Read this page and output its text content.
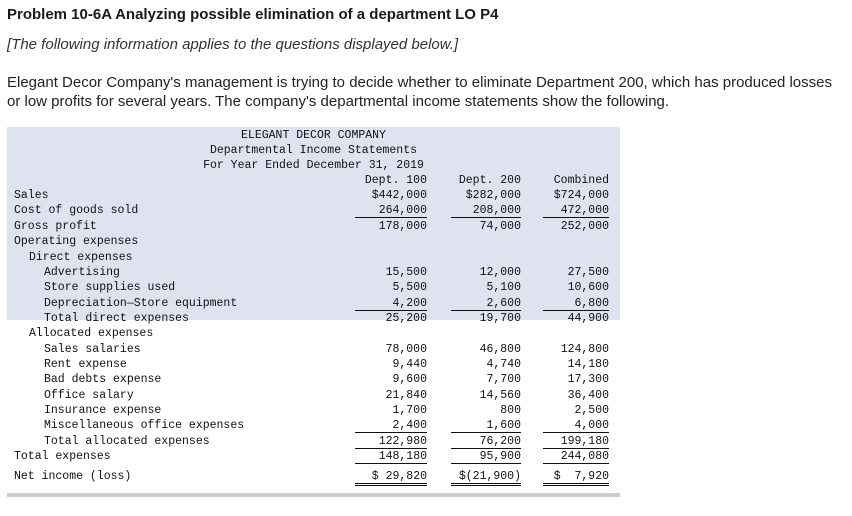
Problem 10-6A Analyzing possible elimination of a department LO P4
[The following information applies to the questions displayed below.]
Elegant Decor Company's management is trying to decide whether to eliminate Department 200, which has produced losses or low profits for several years. The company's departmental income statements show the following.
ELEGANT DECOR COMPANY
Departmental Income Statements
For Year Ended December 31, 2019
Dept. 100	Dept. 200	Combined
Sales	$442,000	$282,000	$724,000
Cost of goods sold	264,000	208,000	472,000
Gross profit	178,000	74,000	252,000
Operating expenses
Direct expenses
Advertising	15,500	12,000	27,500
Store supplies used	5,500	5,100	10,600
Depreciation—Store equipment	4,200	2,600	6,800
Total direct expenses	25,200	19,700	44,900
Allocated expenses
Sales salaries	78,000	46,800	124,800
Rent expense	9,440	4,740	14,180
Bad debts expense	9,600	7,700	17,300
Office salary	21,840	14,560	36,400
Insurance expense	1,700	800	2,500
Miscellaneous office expenses	2,400	1,600	4,000
Total allocated expenses	122,980	76,200	199,180
Total expenses	148,180	95,900	244,080
Net income (loss)	$ 29,820	$(21,900)	$  7,920
